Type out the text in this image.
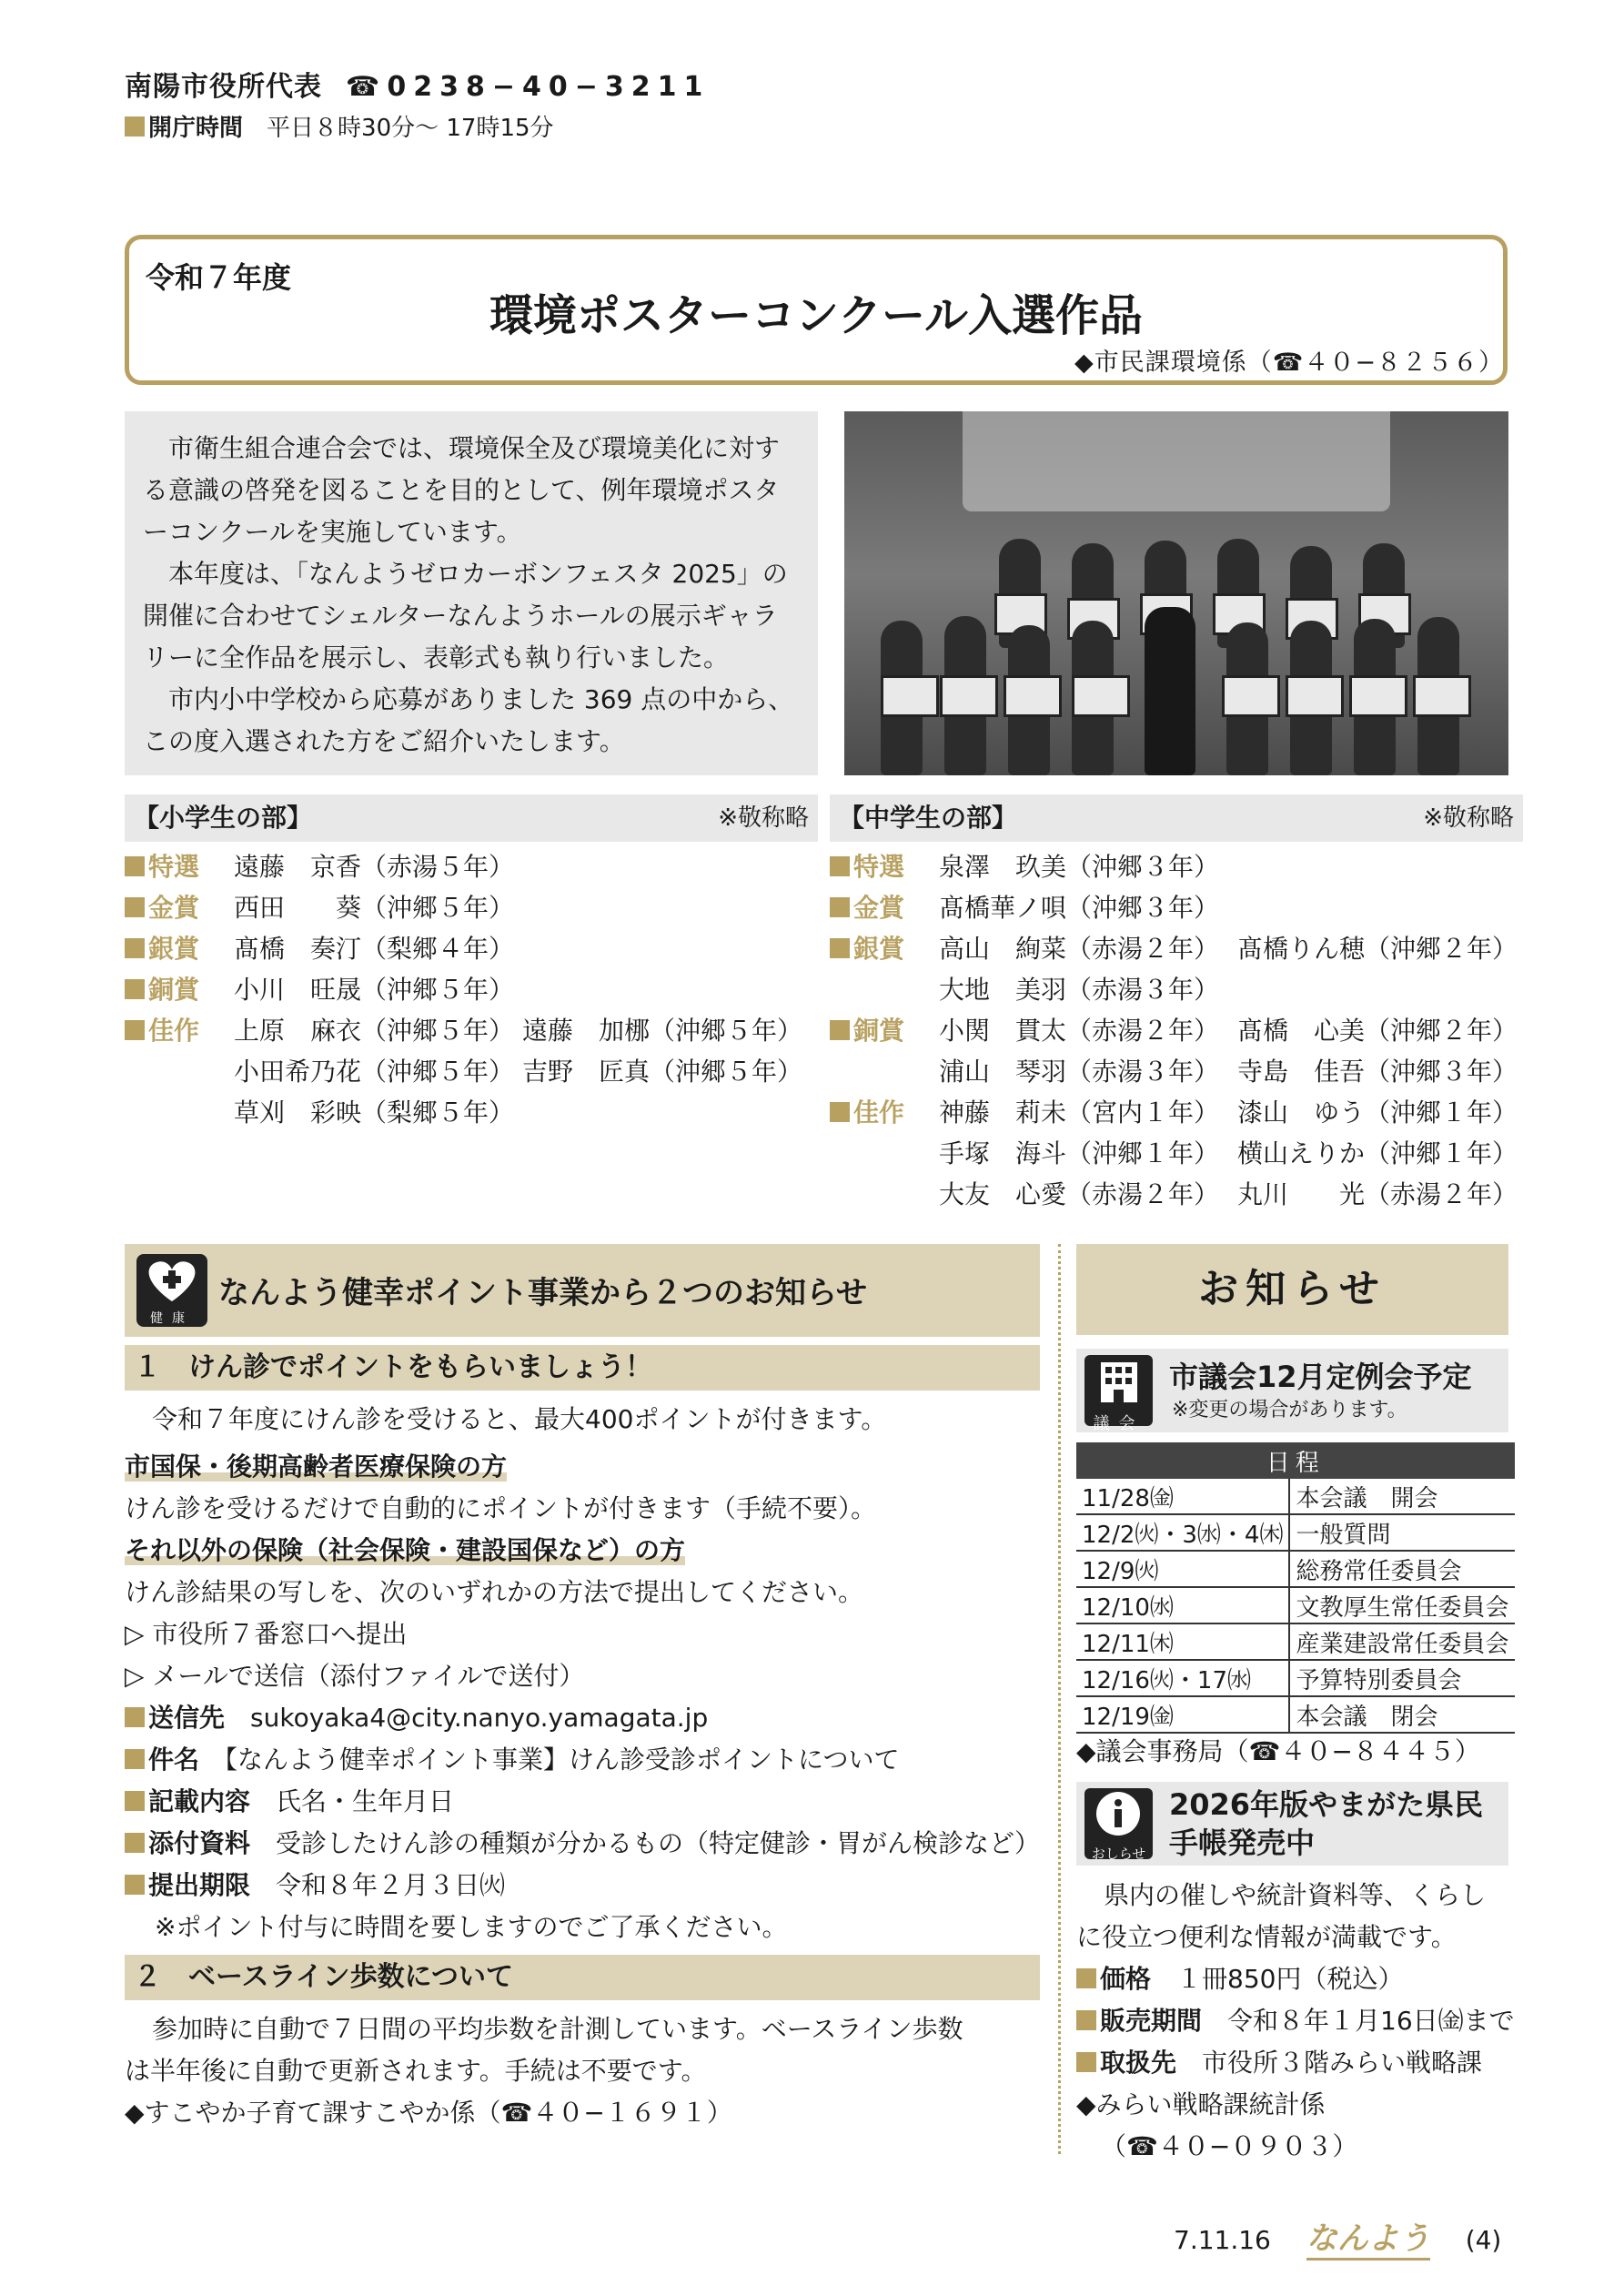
南陽市役所代表 ☎0238−40−3211
開庁時間　 平日８時30分～ 17時15分
令和７年度
環境ポスターコンクール入選作品
◆市民課環境係（☎４０−８２５６）

市衛生組合連合会では、環境保全及び環境美化に対する意識の啓発を図ることを目的として、例年環境ポスターコンクールを実施しています。

本年度は、「なんようゼロカーボンフェスタ 2025」の開催に合わせてシェルターなんようホールの展示ギャラリーに全作品を展示し、表彰式も執り行いました。

市内小中学校から応募がありました 369 点の中から、この度入選された方をご紹介いたします。

【小学生の部】	※敬称略
特選 遠藤　京香（赤湯５年）
金賞 西田　　葵（沖郷５年）
銀賞 髙橋　奏汀（梨郷４年）
銅賞 小川　旺晟（沖郷５年）
佳作 上原　麻衣（沖郷５年） 遠藤　加梛（沖郷５年）
小田希乃花（沖郷５年） 吉野　匠真（沖郷５年）
草刈　彩映（梨郷５年）
【中学生の部】	※敬称略
特選 泉澤　玖美（沖郷３年）
金賞 髙橋華ノ唄（沖郷３年）
銀賞 高山　絢菜（赤湯２年） 髙橋りん穂（沖郷２年）
大地　美羽（赤湯３年）
銅賞 小関　貫太（赤湯２年） 髙橋　心美（沖郷２年）
浦山　琴羽（赤湯３年） 寺島　佳吾（沖郷３年）
佳作 神藤　莉未（宮内１年） 漆山　ゆう（沖郷１年）
手塚　海斗（沖郷１年） 横山えりか（沖郷１年）
大友　心愛（赤湯２年） 丸川　　光（赤湯２年）
健康
なんよう健幸ポイント事業から２つのお知らせ
１　けん診でポイントをもらいましょう！
令和７年度にけん診を受けると、最大400ポイントが付きます。
市国保・後期高齢者医療保険の方
けん診を受けるだけで自動的にポイントが付きます（手続不要）。
それ以外の保険（社会保険・建設国保など）の方
けん診結果の写しを、次のいずれかの方法で提出してください。
▷ 市役所７番窓口へ提出
▷ メールで送信（添付ファイルで送付）
送信先　 sukoyaka4@city.nanyo.yamagata.jp
件名　 【なんよう健幸ポイント事業】けん診受診ポイントについて
記載内容　 氏名・生年月日
添付資料　 受診したけん診の種類が分かるもの（特定健診・胃がん検診など）
提出期限　 令和８年２月３日㈫
※ポイント付与に時間を要しますのでご了承ください。
２　ベースライン歩数について
参加時に自動で７日間の平均歩数を計測しています。ベースライン歩数
は半年後に自動で更新されます。手続は不要です。
◆すこやか子育て課すこやか係（☎４０−１６９１）
お知らせ
議会
市議会12月定例会予定
※変更の場合があります。
日程	
11/28㈮	本会議　開会
12/2㈫・3㈬・4㈭	一般質問
12/9㈫	総務常任委員会
12/10㈬	文教厚生常任委員会
12/11㈭	産業建設常任委員会
12/16㈫・17㈬	予算特別委員会
12/19㈮	本会議　閉会
◆議会事務局（☎４０−８４４５）
おしらせ
2026年版やまがた県民
手帳発売中
県内の催しや統計資料等、くらし
に役立つ便利な情報が満載です。
価格　 １冊850円（税込）
販売期間　 令和８年１月16日㈮まで
取扱先　 市役所３階みらい戦略課
◆みらい戦略課統計係
（☎４０−０９０３）
7.11.16 なんよう (4)
